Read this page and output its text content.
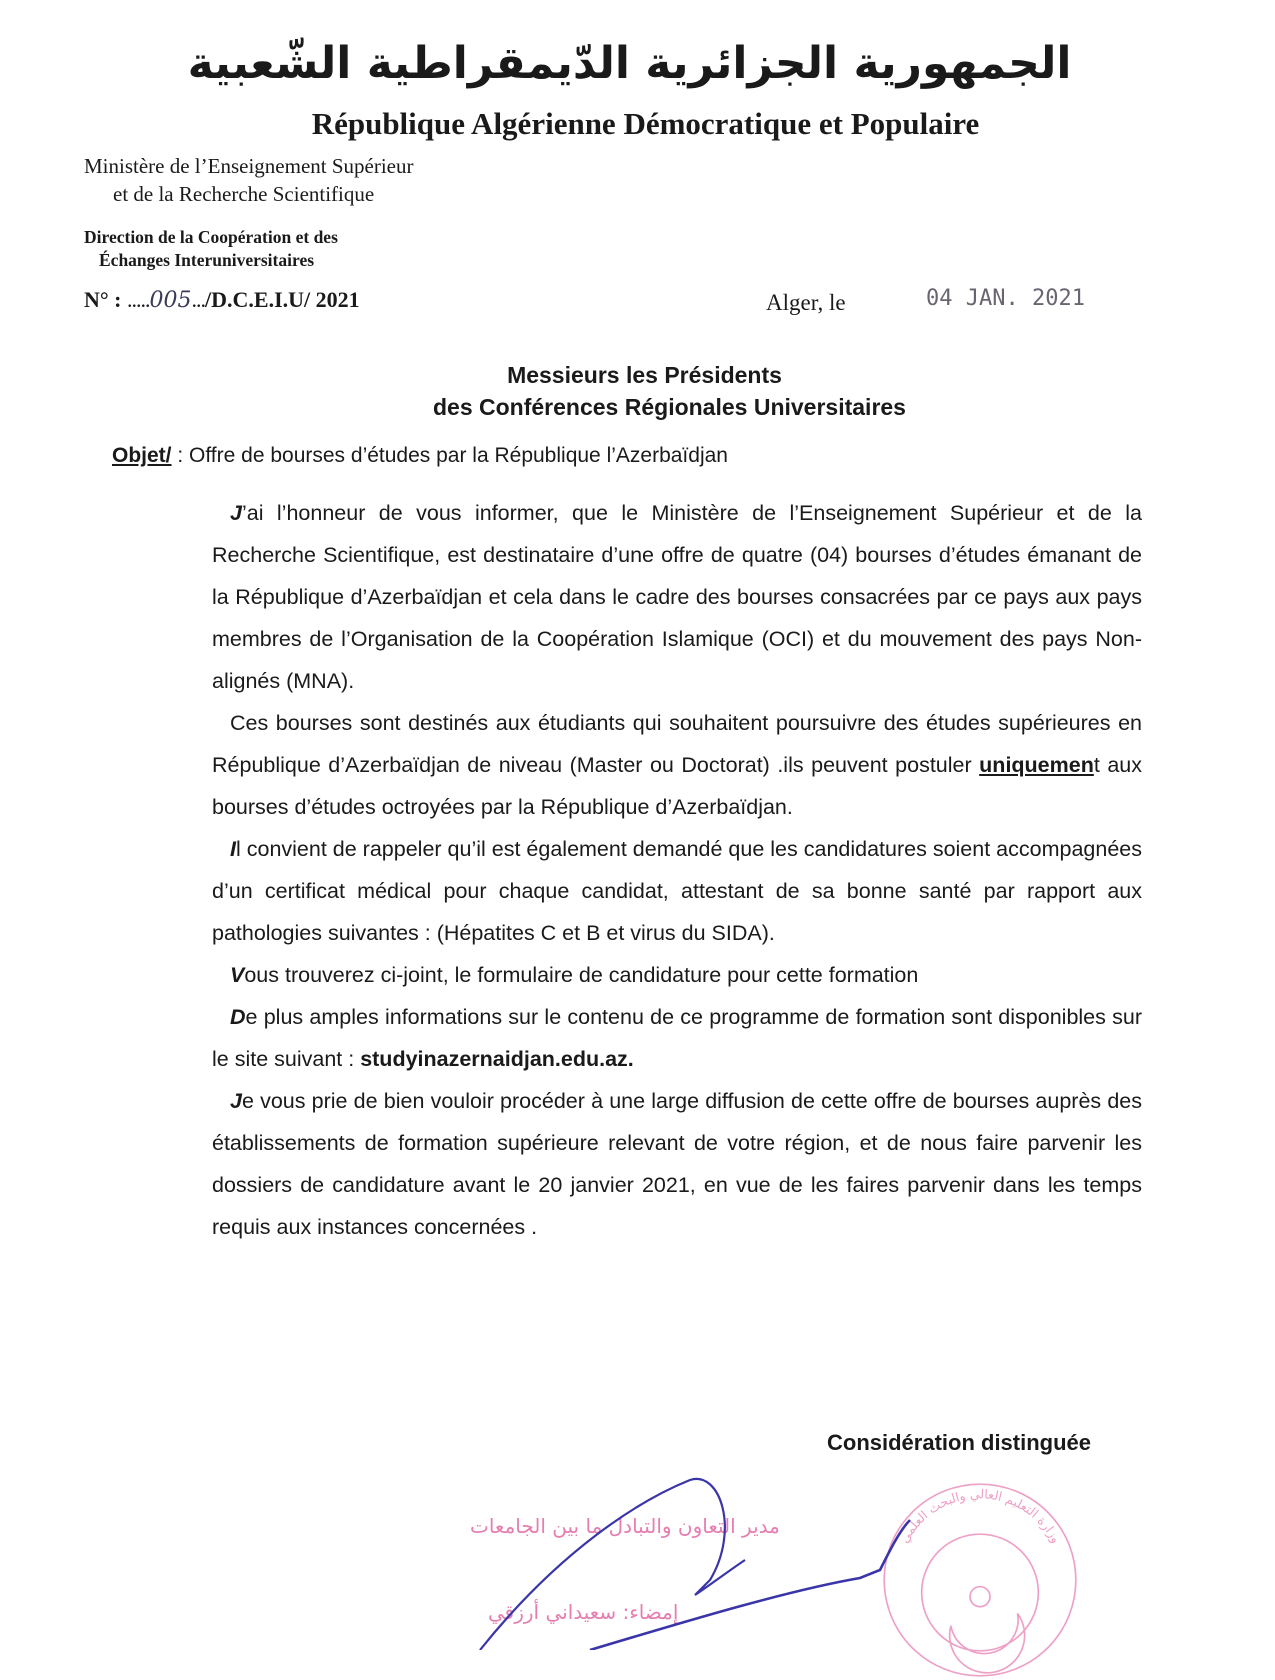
الجمهورية الجزائرية الدّيمقراطية الشّعبية
République Algérienne Démocratique et Populaire
Ministère de l’Enseignement Supérieur
et de la Recherche Scientifique
Direction de la Coopération et des
Échanges Interuniversitaires
N° : .....005.../D.C.E.I.U/ 2021	Alger, le	04 JAN. 2021
Messieurs les Présidents
des Conférences Régionales Universitaires
Objet/ : Offre de bourses d’études par la République l’Azerbaïdjan

J’ai l’honneur de vous informer, que le Ministère de l’Enseignement Supérieur et de la Recherche Scientifique, est destinataire d’une offre de quatre (04) bourses d’études émanant de la République d’Azerbaïdjan et cela dans le cadre des bourses consacrées par ce pays aux pays membres de l’Organisation de la Coopération Islamique (OCI) et du mouvement des pays Non-alignés (MNA).

Ces bourses sont destinés aux étudiants qui souhaitent poursuivre des études supérieures en République d’Azerbaïdjan de niveau (Master ou Doctorat) .ils peuvent postuler uniquement aux bourses d’études octroyées par la République d’Azerbaïdjan.

Il convient de rappeler qu’il est également demandé que les candidatures soient accompagnées d’un certificat médical pour chaque candidat, attestant de sa bonne santé par rapport aux pathologies suivantes : (Hépatites C et B et virus du SIDA).

Vous trouverez ci-joint, le formulaire de candidature pour cette formation

De plus amples informations sur le contenu de ce programme de formation sont disponibles sur le site suivant : studyinazernaidjan.edu.az.

Je vous prie de bien vouloir procéder à une large diffusion de cette offre de bourses auprès des établissements de formation supérieure relevant de votre région, et de nous faire parvenir les dossiers de candidature avant le 20 janvier 2021, en vue de les faires parvenir dans les temps requis aux instances concernées .

Considération distinguée
وزارة التعليم العالي والبحث العلمي
مدير التعاون والتبادل ما بين الجامعات
إمضاء: سعيداني أرزقي
